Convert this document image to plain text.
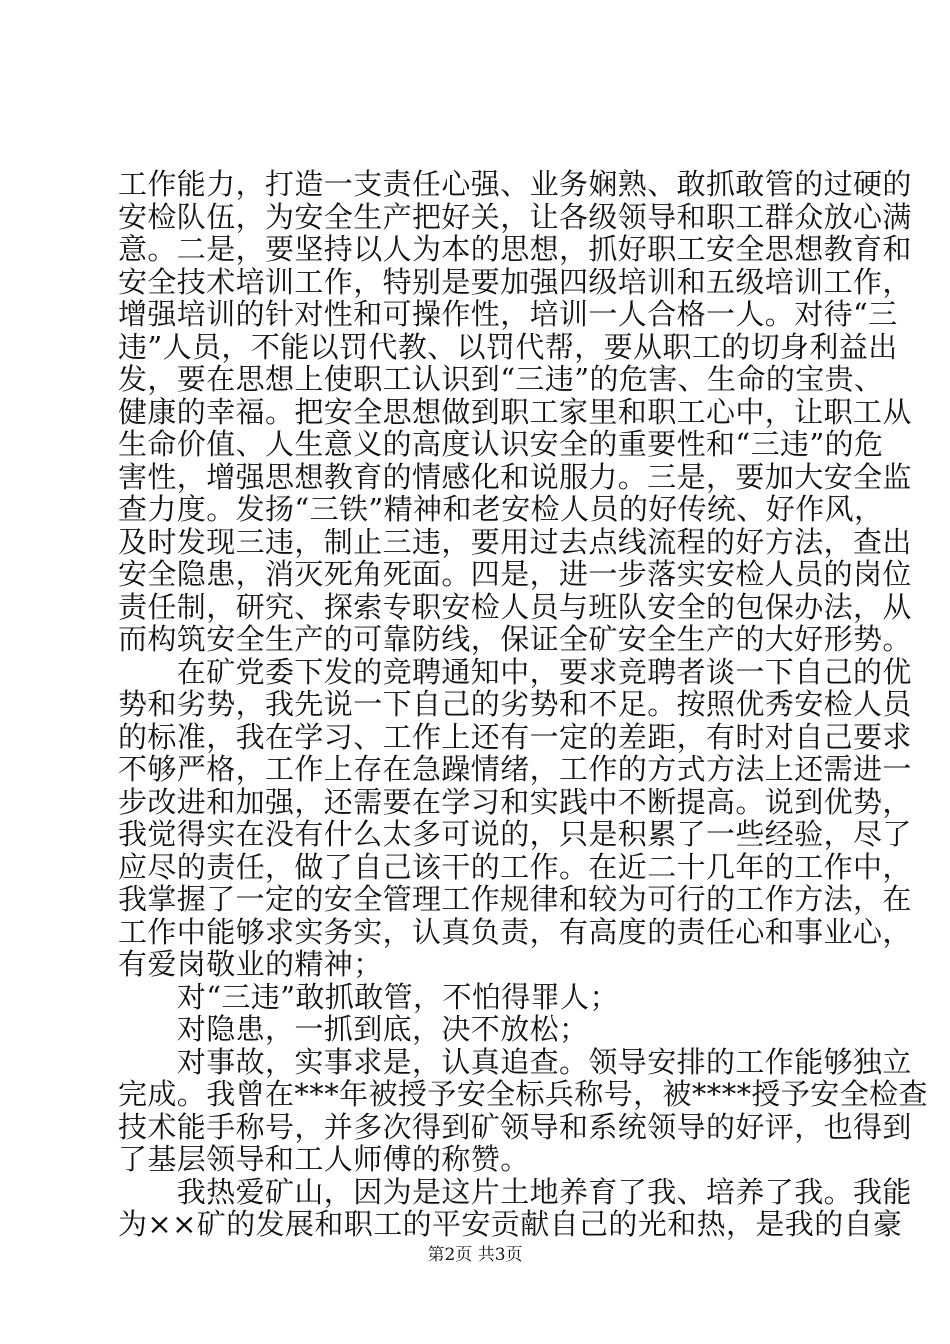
工作能力，打造一支责任心强、业务娴熟、敢抓敢管的过硬的
安检队伍，为安全生产把好关，让各级领导和职工群众放心满
意。二是，要坚持以人为本的思想，抓好职工安全思想教育和
安全技术培训工作，特别是要加强四级培训和五级培训工作，
增强培训的针对性和可操作性，培训一人合格一人。对待“三
违”人员，不能以罚代教、以罚代帮，要从职工的切身利益出
发，要在思想上使职工认识到“三违”的危害、生命的宝贵、
健康的幸福。把安全思想做到职工家里和职工心中，让职工从
生命价值、人生意义的高度认识安全的重要性和“三违”的危
害性，增强思想教育的情感化和说服力。三是，要加大安全监
查力度。发扬“三铁”精神和老安检人员的好传统、好作风，
及时发现三违，制止三违，要用过去点线流程的好方法，查出
安全隐患，消灭死角死面。四是，进一步落实安检人员的岗位
责任制，研究、探索专职安检人员与班队安全的包保办法，从
而构筑安全生产的可靠防线，保证全矿安全生产的大好形势。
　　在矿党委下发的竞聘通知中，要求竞聘者谈一下自己的优
势和劣势，我先说一下自己的劣势和不足。按照优秀安检人员
的标准，我在学习、工作上还有一定的差距，有时对自己要求
不够严格，工作上存在急躁情绪，工作的方式方法上还需进一
步改进和加强，还需要在学习和实践中不断提高。说到优势，
我觉得实在没有什么太多可说的，只是积累了一些经验，尽了
应尽的责任，做了自己该干的工作。在近二十几年的工作中，
我掌握了一定的安全管理工作规律和较为可行的工作方法，在
工作中能够求实务实，认真负责，有高度的责任心和事业心，
有爱岗敬业的精神；
　　对“三违”敢抓敢管，不怕得罪人；
　　对隐患，一抓到底，决不放松；
　　对事故，实事求是，认真追查。领导安排的工作能够独立
完成。我曾在***年被授予安全标兵称号，被****授予安全检查
技术能手称号，并多次得到矿领导和系统领导的好评，也得到
了基层领导和工人师傅的称赞。
　　我热爱矿山，因为是这片土地养育了我、培养了我。我能
为××矿的发展和职工的平安贡献自己的光和热，是我的自豪
第2页 共3页
